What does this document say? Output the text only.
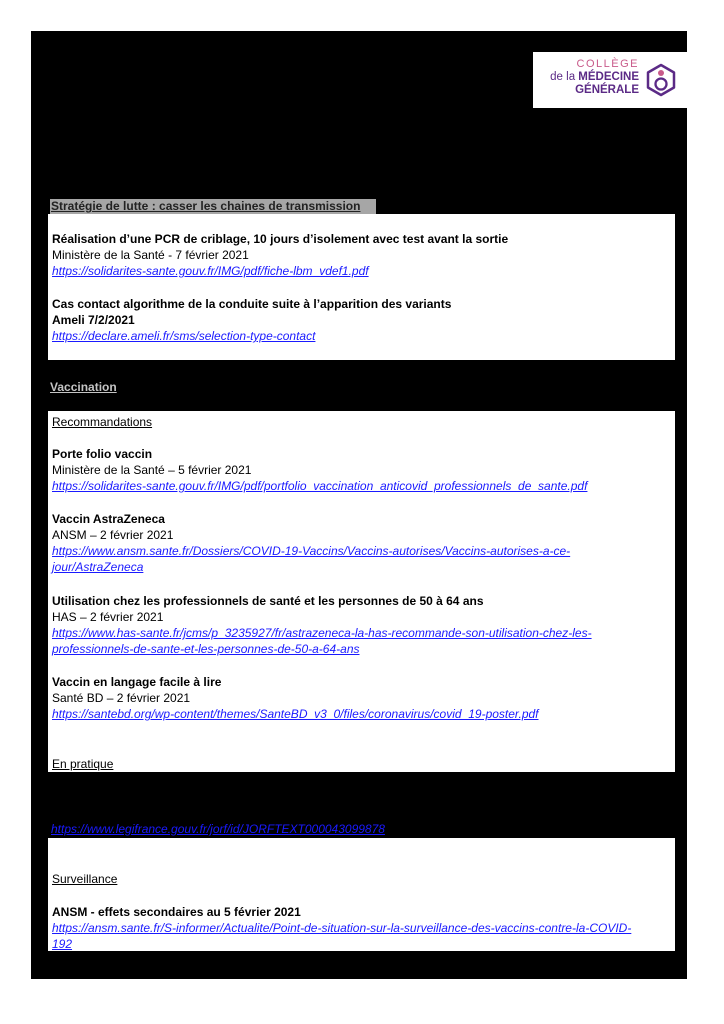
COLLÈGE
de la MÉDECINE
GÉNÉRALE
Stratégie de lutte : casser les chaines de transmission
Réalisation d’une PCR de criblage, 10 jours d’isolement avec test avant la sortie
Ministère de la Santé - 7 février 2021
https://solidarites-sante.gouv.fr/IMG/pdf/fiche-lbm_vdef1.pdf
Cas contact algorithme de la conduite suite à l’apparition des variants
Ameli 7/2/2021
https://declare.ameli.fr/sms/selection-type-contact
Vaccination
Recommandations
Porte folio vaccin
Ministère de la Santé – 5 février 2021
https://solidarites-sante.gouv.fr/IMG/pdf/portfolio_vaccination_anticovid_professionnels_de_sante.pdf
Vaccin AstraZeneca
ANSM – 2 février 2021
https://www.ansm.sante.fr/Dossiers/COVID-19-Vaccins/Vaccins-autorises/Vaccins-autorises-a-ce-
jour/AstraZeneca
Utilisation chez les professionnels de santé et les personnes de 50 à 64 ans
HAS – 2 février 2021
https://www.has-sante.fr/jcms/p_3235927/fr/astrazeneca-la-has-recommande-son-utilisation-chez-les-
professionnels-de-sante-et-les-personnes-de-50-a-64-ans
Vaccin en langage facile à lire
Santé BD – 2 février 2021
https://santebd.org/wp-content/themes/SanteBD_v3_0/files/coronavirus/covid_19-poster.pdf
En pratique
https://www.legifrance.gouv.fr/jorf/id/JORFTEXT000043099878
Surveillance
ANSM - effets secondaires au 5 février 2021
https://ansm.sante.fr/S-informer/Actualite/Point-de-situation-sur-la-surveillance-des-vaccins-contre-la-COVID-
192
